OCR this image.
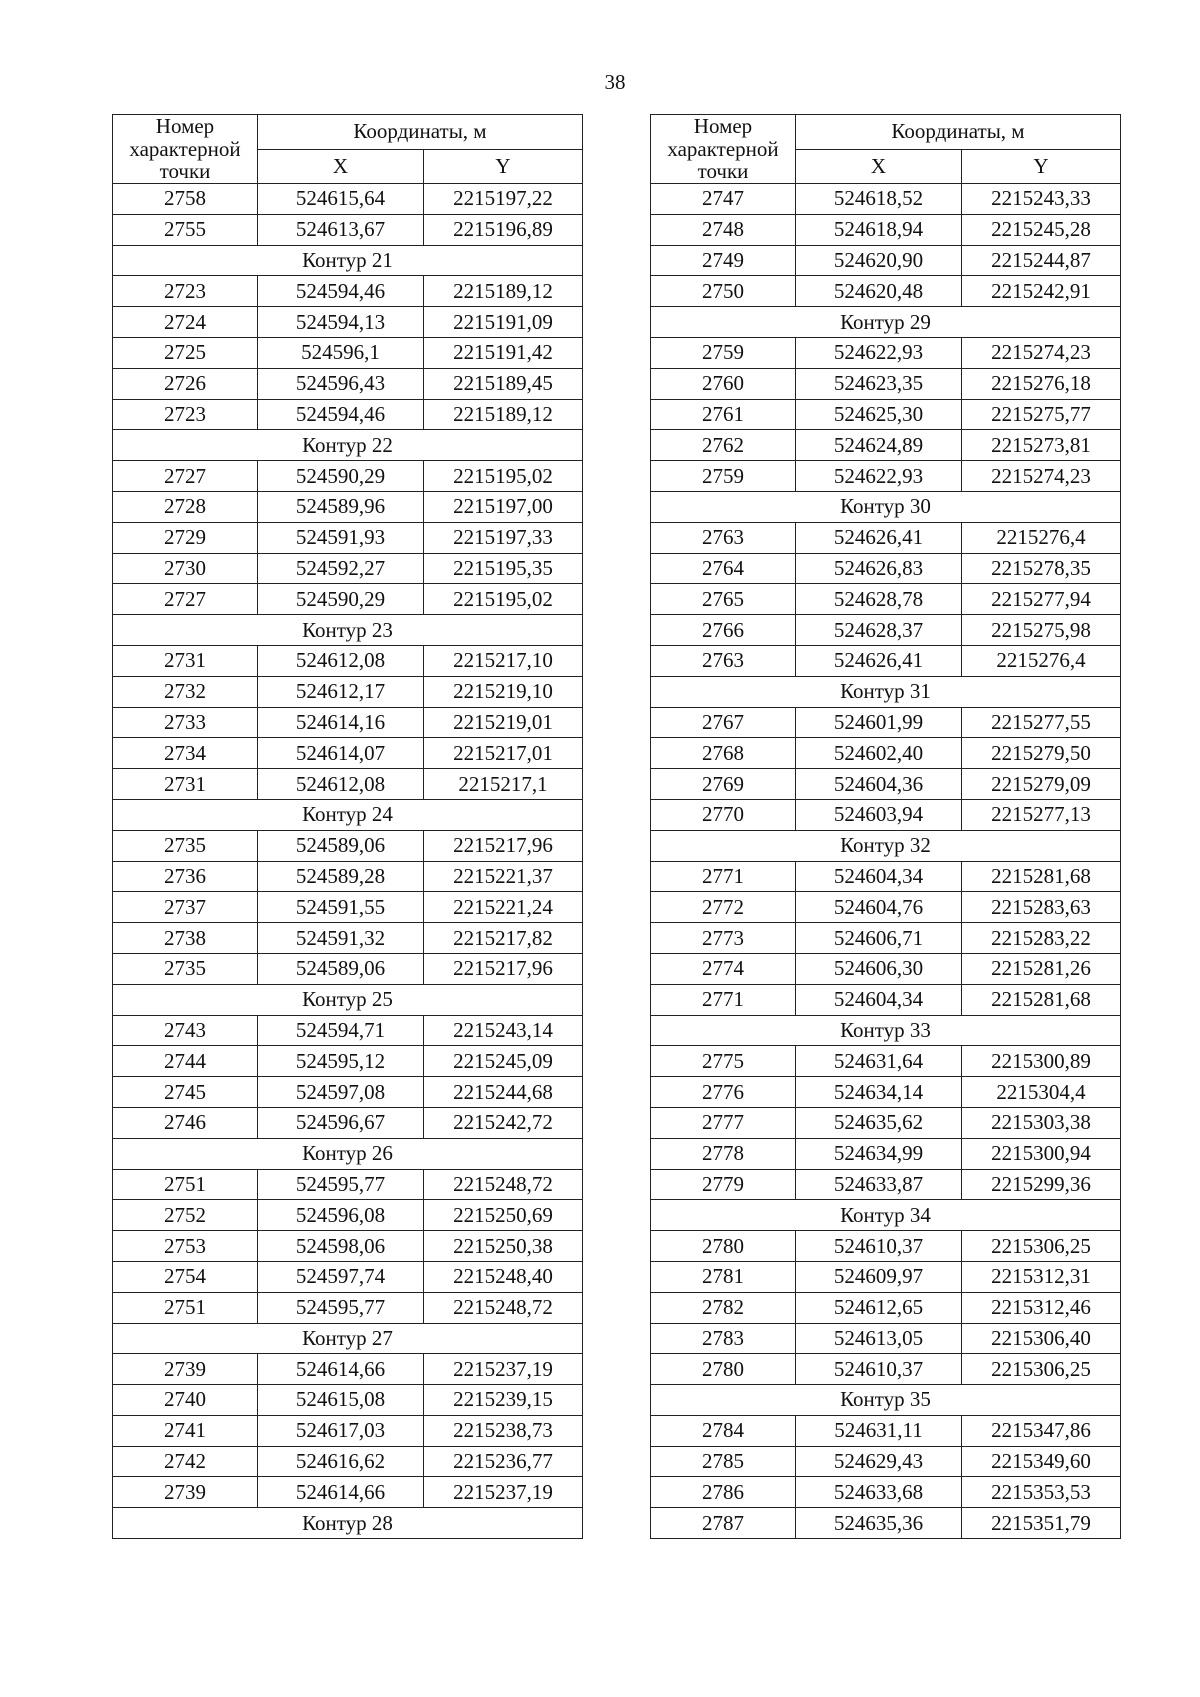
38
Номер
характерной
точки	Координаты, м	
	X	Y
2758	524615,64	2215197,22
2755	524613,67	2215196,89
Контур 21		
2723	524594,46	2215189,12
2724	524594,13	2215191,09
2725	524596,1	2215191,42
2726	524596,43	2215189,45
2723	524594,46	2215189,12
Контур 22		
2727	524590,29	2215195,02
2728	524589,96	2215197,00
2729	524591,93	2215197,33
2730	524592,27	2215195,35
2727	524590,29	2215195,02
Контур 23		
2731	524612,08	2215217,10
2732	524612,17	2215219,10
2733	524614,16	2215219,01
2734	524614,07	2215217,01
2731	524612,08	2215217,1
Контур 24		
2735	524589,06	2215217,96
2736	524589,28	2215221,37
2737	524591,55	2215221,24
2738	524591,32	2215217,82
2735	524589,06	2215217,96
Контур 25		
2743	524594,71	2215243,14
2744	524595,12	2215245,09
2745	524597,08	2215244,68
2746	524596,67	2215242,72
Контур 26		
2751	524595,77	2215248,72
2752	524596,08	2215250,69
2753	524598,06	2215250,38
2754	524597,74	2215248,40
2751	524595,77	2215248,72
Контур 27		
2739	524614,66	2215237,19
2740	524615,08	2215239,15
2741	524617,03	2215238,73
2742	524616,62	2215236,77
2739	524614,66	2215237,19
Контур 28		
Номер
характерной
точки	Координаты, м	
	X	Y
2747	524618,52	2215243,33
2748	524618,94	2215245,28
2749	524620,90	2215244,87
2750	524620,48	2215242,91
Контур 29		
2759	524622,93	2215274,23
2760	524623,35	2215276,18
2761	524625,30	2215275,77
2762	524624,89	2215273,81
2759	524622,93	2215274,23
Контур 30		
2763	524626,41	2215276,4
2764	524626,83	2215278,35
2765	524628,78	2215277,94
2766	524628,37	2215275,98
2763	524626,41	2215276,4
Контур 31		
2767	524601,99	2215277,55
2768	524602,40	2215279,50
2769	524604,36	2215279,09
2770	524603,94	2215277,13
Контур 32		
2771	524604,34	2215281,68
2772	524604,76	2215283,63
2773	524606,71	2215283,22
2774	524606,30	2215281,26
2771	524604,34	2215281,68
Контур 33		
2775	524631,64	2215300,89
2776	524634,14	2215304,4
2777	524635,62	2215303,38
2778	524634,99	2215300,94
2779	524633,87	2215299,36
Контур 34		
2780	524610,37	2215306,25
2781	524609,97	2215312,31
2782	524612,65	2215312,46
2783	524613,05	2215306,40
2780	524610,37	2215306,25
Контур 35		
2784	524631,11	2215347,86
2785	524629,43	2215349,60
2786	524633,68	2215353,53
2787	524635,36	2215351,79
